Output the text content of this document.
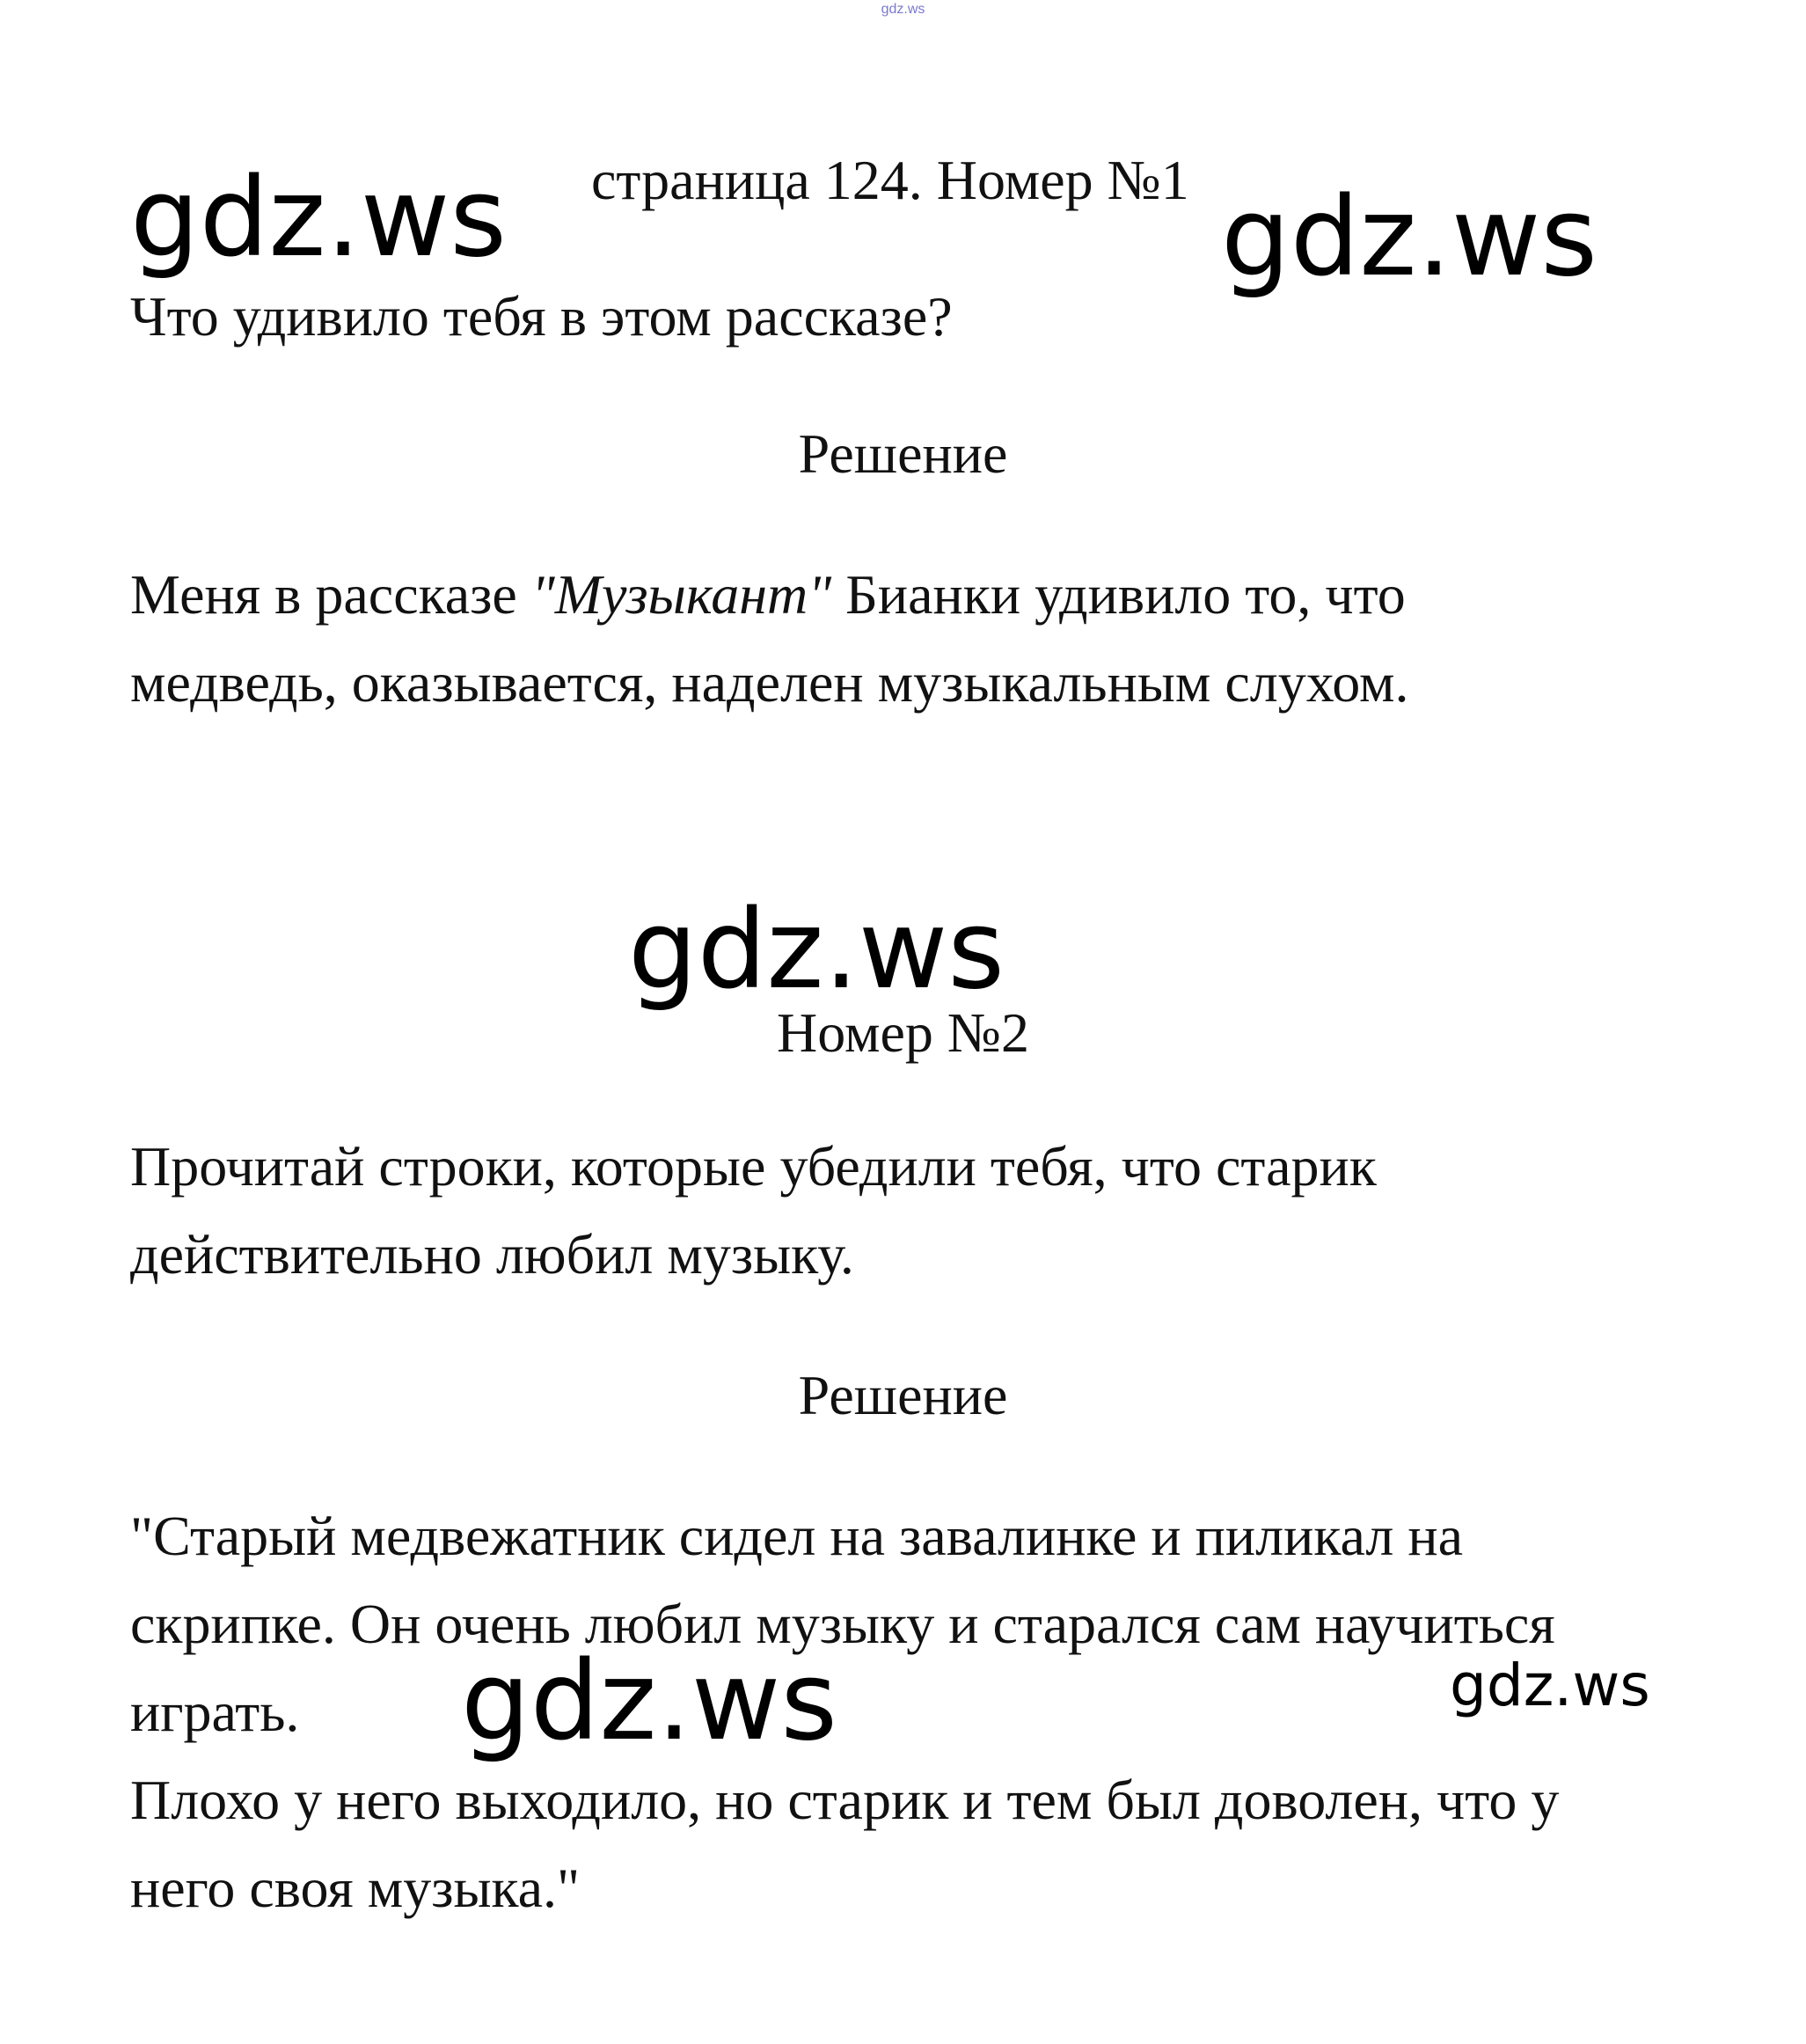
gdz.ws
страница 124. Номер №1
gdz.ws	gdz.ws
gdz.ws
gdz.ws	gdz.ws
Что удивило тебя в этом рассказе?
Решение
Меня в рассказе "Музыкант" Бианки удивило то, что
медведь, оказывается, наделен музыкальным слухом.
Номер №2
Прочитай строки, которые убедили тебя, что старик
действительно любил музыку.
Решение
"Старый медвежатник сидел на завалинке и пиликал на
скрипке. Он очень любил музыку и старался сам научиться
играть.
Плохо у него выходило, но старик и тем был доволен, что у
него своя музыка."
